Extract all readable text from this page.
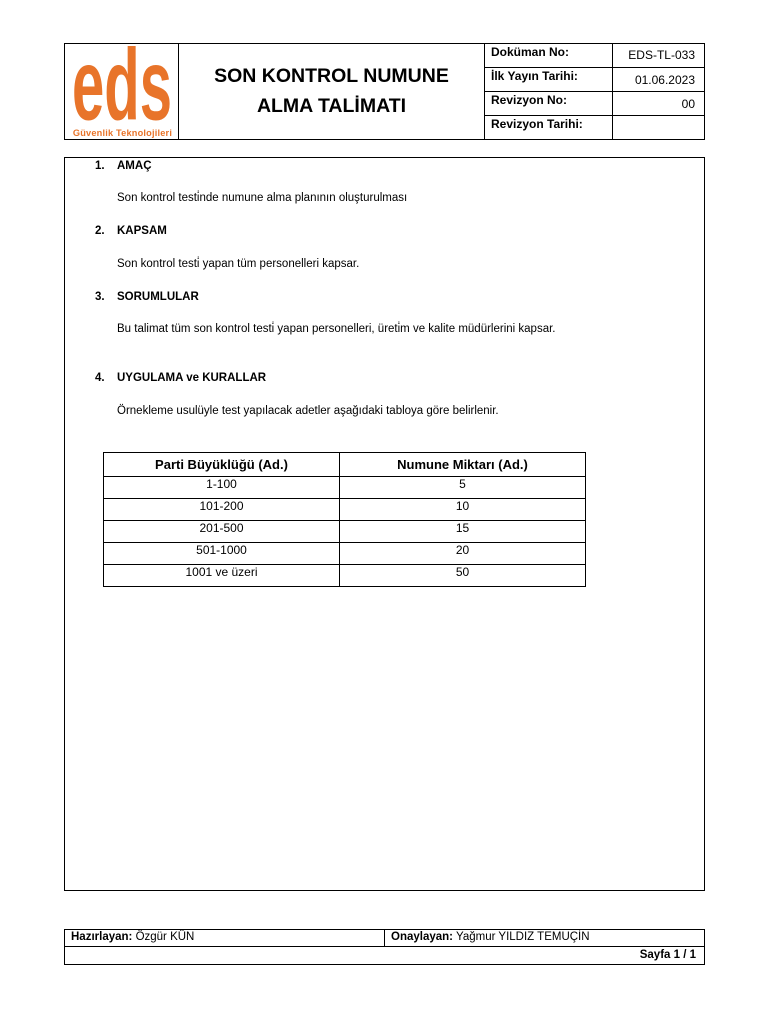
eds
Güvenlik Teknolojileri
SON KONTROL NUMUNE
ALMA TALİMATI
Doküman No:	EDS-TL-033
İlk Yayın Tarihi:	01.06.2023
Revizyon No:	00
Revizyon Tarihi:
1. AMAÇ
Son kontrol testi̇nde numune alma planının oluşturulması
2. KAPSAM
Son kontrol testi̇ yapan tüm personelleri kapsar.
3. SORUMLULAR
Bu talimat tüm son kontrol testi̇ yapan personelleri, üreti̇m ve kalite müdürlerini kapsar.
4. UYGULAMA ve KURALLAR
Örnekleme usulüyle test yapılacak adetler aşağıdaki tabloya göre belirlenir.
Parti Büyüklüğü (Ad.)	Numune Miktarı (Ad.)
1-100	5
101-200	10
201-500	15
501-1000	20
1001 ve üzeri	50
Hazırlayan: Özgür KÜN	Onaylayan: Yağmur YILDIZ TEMUÇİN
Sayfa 1 / 1
